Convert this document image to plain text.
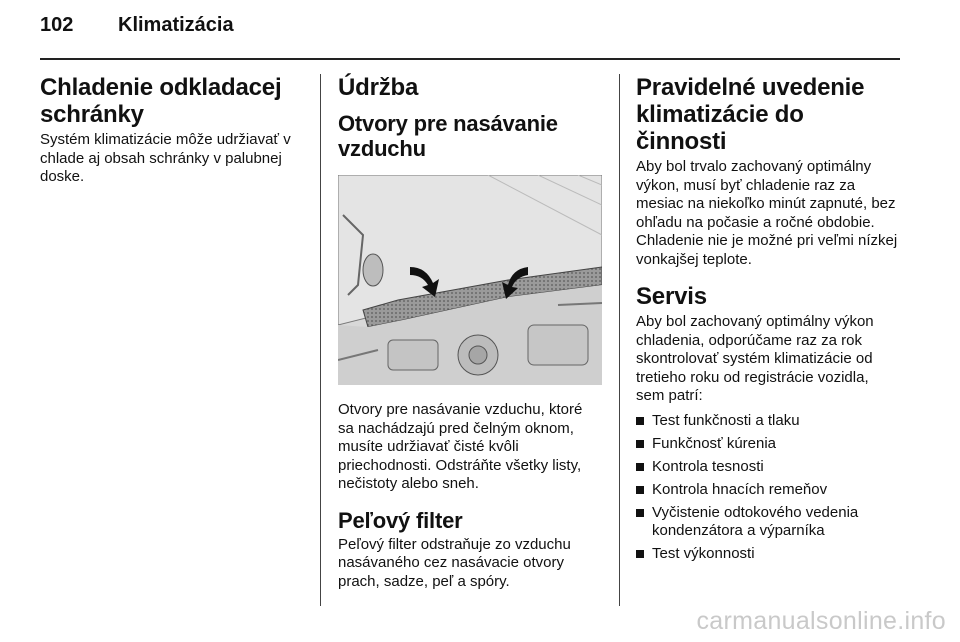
102 Klimatizácia
Chladenie odkladacej schránky

Systém klimatizácie môže udržiavať v chlade aj obsah schránky v palubnej doske.

Údržba
Otvory pre nasávanie vzduchu

Otvory pre nasávanie vzduchu, ktoré sa nachádzajú pred čelným oknom, musíte udržiavať čisté kvôli priechodnosti. Odstráňte všetky listy, nečistoty alebo sneh.

Peľový filter

Peľový filter odstraňuje zo vzduchu nasávaného cez nasávacie otvory prach, sadze, peľ a spóry.

Pravidelné uvedenie klimatizácie do činnosti

Aby bol trvalo zachovaný optimálny výkon, musí byť chladenie raz za mesiac na niekoľko minút zapnuté, bez ohľadu na počasie a ročné obdobie. Chladenie nie je možné pri veľmi nízkej vonkajšej teplote.

Servis

Aby bol zachovaný optimálny výkon chladenia, odporúčame raz za rok skontrolovať systém klimatizácie od tretieho roku od registrácie vozidla, sem patrí:

Test funkčnosti a tlaku
Funkčnosť kúrenia
Kontrola tesnosti
Kontrola hnacích remeňov
Vyčistenie odtokového vedenia kondenzátora a výparníka
Test výkonnosti
carmanualsonline.info
